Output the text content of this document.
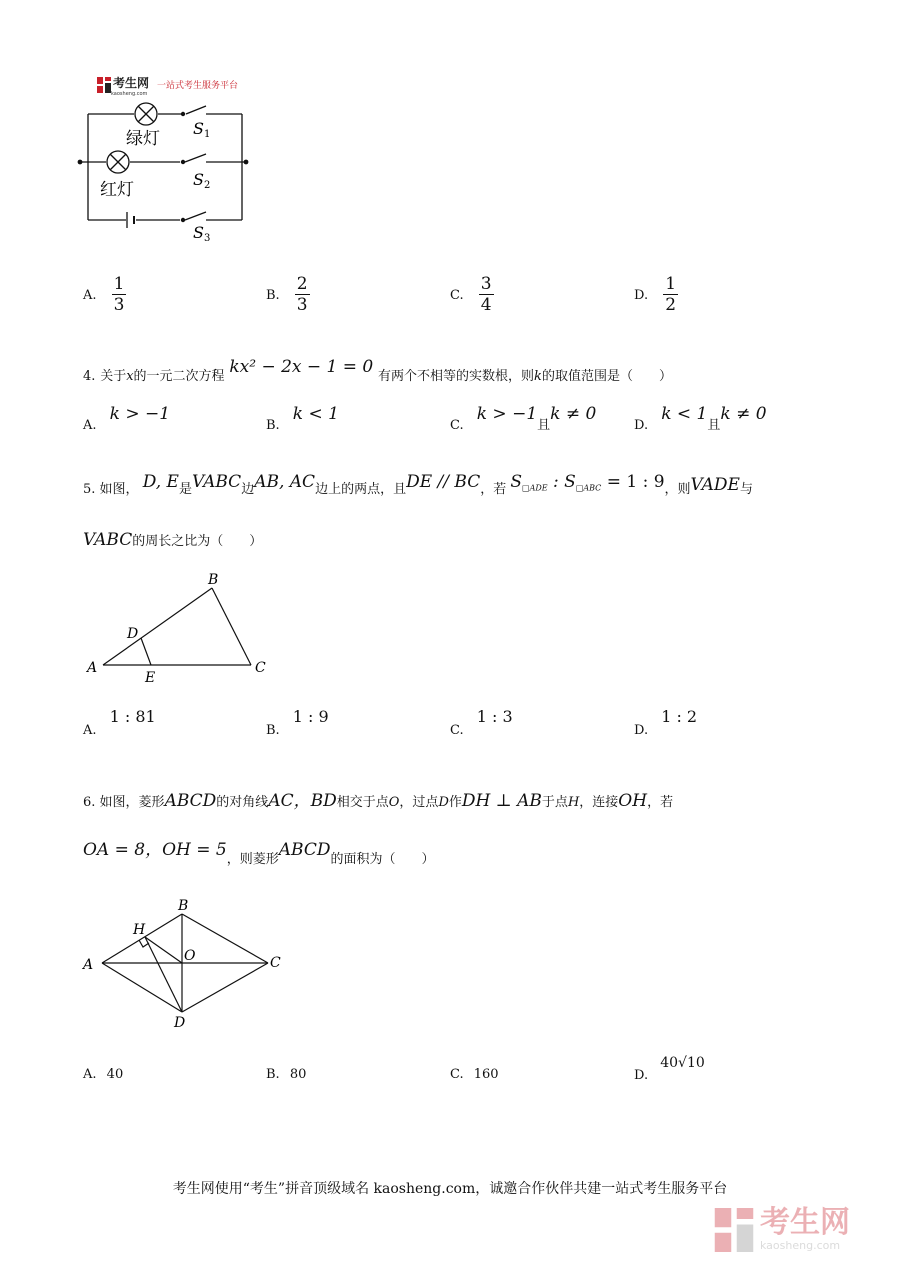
考生网
kaosheng.com
一站式考生服务平台
绿灯
红灯
S 1
S 2
S 3
A. $\frac{1}{3}$	B. $\frac{2}{3}$	C. $\frac{3}{4}$	D. $\frac{1}{2}$
4. 关于x的一元二次方程 kx² − 2x − 1 = 0 有两个不相等的实数根，则k的取值范围是（　　）
A. k > −1
B. k < 1
C. k > −1且k ≠ 0
D. k < 1且k ≠ 0
5. 如图， D, E是VABC边AB, AC边上的两点，且DE // BC，若 $S_{□ADE}$ : $S_{□ABC} = 1$ : 9，则VADE与
VABC的周长之比为（　　）
A
B
C
D
E
A. 1 : 81
B. 1 : 9
C. 1 : 3
D. 1 : 2
6. 如图，菱形ABCD的对角线AC，BD相交于点O，过点D作DH ⊥ AB于点H，连接OH，若
OA = 8，OH = 5，则菱形ABCD的面积为（　　）
A
B
C
D
H
O
A. 40	B. 80	C. 160	D. 40√10
考生网使用“考生”拼音顶级域名 kaosheng.com，诚邀合作伙伴共建一站式考生服务平台
考生网
kaosheng.com
